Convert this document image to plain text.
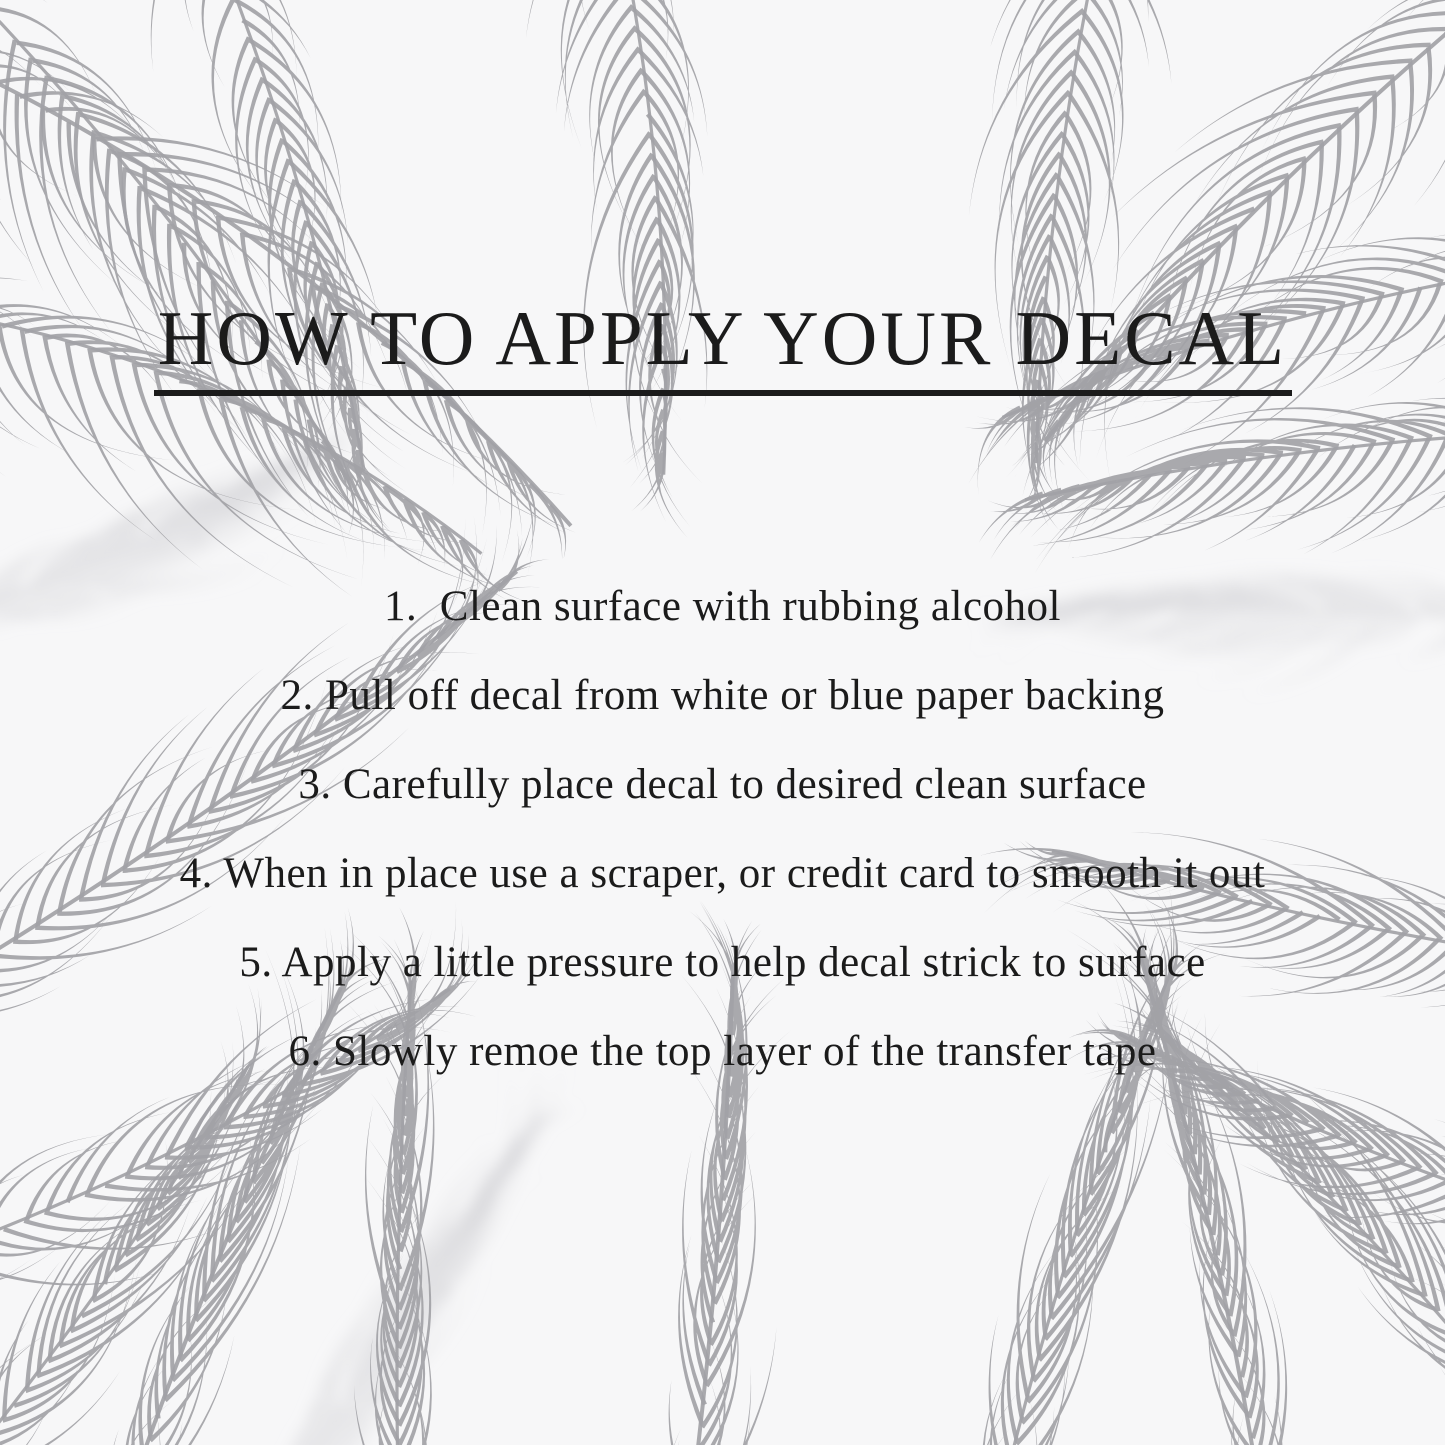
HOW TO APPLY YOUR DECAL

1.  Clean surface with rubbing alcohol

2. Pull off decal from white or blue paper backing

3. Carefully place decal to desired clean surface

4. When in place use a scraper, or credit card to smooth it out

5. Apply a little pressure to help decal strick to surface

6. Slowly remoe the top layer of the transfer tape
